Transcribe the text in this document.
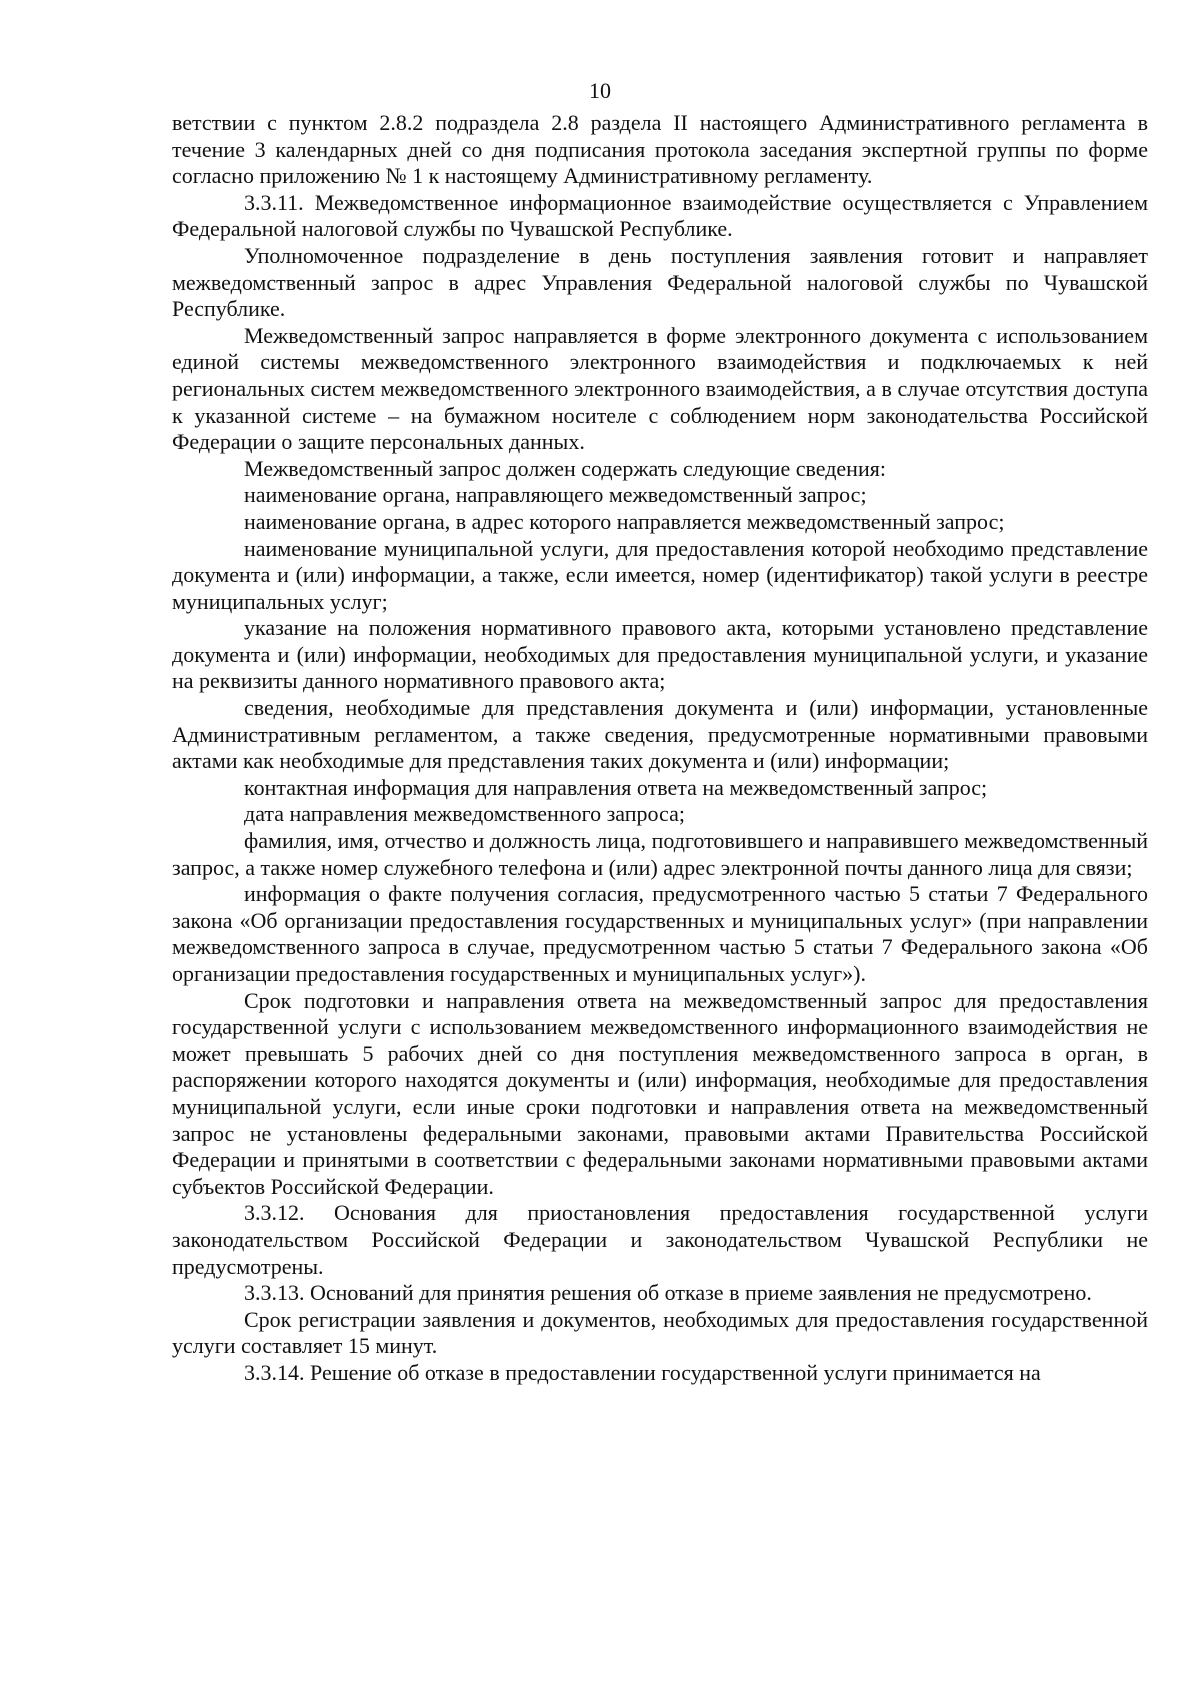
10

ветствии с пунктом 2.8.2 подраздела 2.8 раздела II настоящего Административного регламента в течение 3 календарных дней со дня подписания протокола заседания экспертной группы по форме согласно приложению № 1 к настоящему Административному регламенту.

3.3.11. Межведомственное информационное взаимодействие осуществляется с Управлением Федеральной налоговой службы по Чувашской Республике.

Уполномоченное подразделение в день поступления заявления готовит и направляет межведомственный запрос в адрес Управления Федеральной налоговой службы по Чувашской Республике.

Межведомственный запрос направляется в форме электронного документа с использованием единой системы межведомственного электронного взаимодействия и подключаемых к ней региональных систем межведомственного электронного взаимодействия, а в случае отсутствия доступа к указанной системе – на бумажном носителе с соблюдением норм законодательства Российской Федерации о защите персональных данных.

Межведомственный запрос должен содержать следующие сведения:

наименование органа, направляющего межведомственный запрос;

наименование органа, в адрес которого направляется межведомственный запрос;

наименование муниципальной услуги, для предоставления которой необходимо представление документа и (или) информации, а также, если имеется, номер (идентификатор) такой услуги в реестре муниципальных услуг;

указание на положения нормативного правового акта, которыми установлено представление документа и (или) информации, необходимых для предоставления муниципальной услуги, и указание на реквизиты данного нормативного правового акта;

сведения, необходимые для представления документа и (или) информации, установленные Административным регламентом, а также сведения, предусмотренные нормативными правовыми актами как необходимые для представления таких документа и (или) информации;

контактная информация для направления ответа на межведомственный запрос;

дата направления межведомственного запроса;

фамилия, имя, отчество и должность лица, подготовившего и направившего межведомственный запрос, а также номер служебного телефона и (или) адрес электронной почты данного лица для связи;

информация о факте получения согласия, предусмотренного частью 5 статьи 7 Федерального закона «Об организации предоставления государственных и муниципальных услуг» (при направлении межведомственного запроса в случае, предусмотренном частью 5 статьи 7 Федерального закона «Об организации предоставления государственных и муниципальных услуг»).

Срок подготовки и направления ответа на межведомственный запрос для предоставления государственной услуги с использованием межведомственного информационного взаимодействия не может превышать 5 рабочих дней со дня поступления межведомственного запроса в орган, в распоряжении которого находятся документы и (или) информация, необходимые для предоставления муниципальной услуги, если иные сроки подготовки и направления ответа на межведомственный запрос не установлены федеральными законами, правовыми актами Правительства Российской Федерации и принятыми в соответствии с федеральными законами нормативными правовыми актами субъектов Российской Федерации.

3.3.12. Основания для приостановления предоставления государственной услуги законодательством Российской Федерации и законодательством Чувашской Республики не предусмотрены.

3.3.13. Оснований для принятия решения об отказе в приеме заявления не предусмотрено.

Срок регистрации заявления и документов, необходимых для предоставления государственной услуги составляет 15 минут.

3.3.14. Решение об отказе в предоставлении государственной услуги принимается на
